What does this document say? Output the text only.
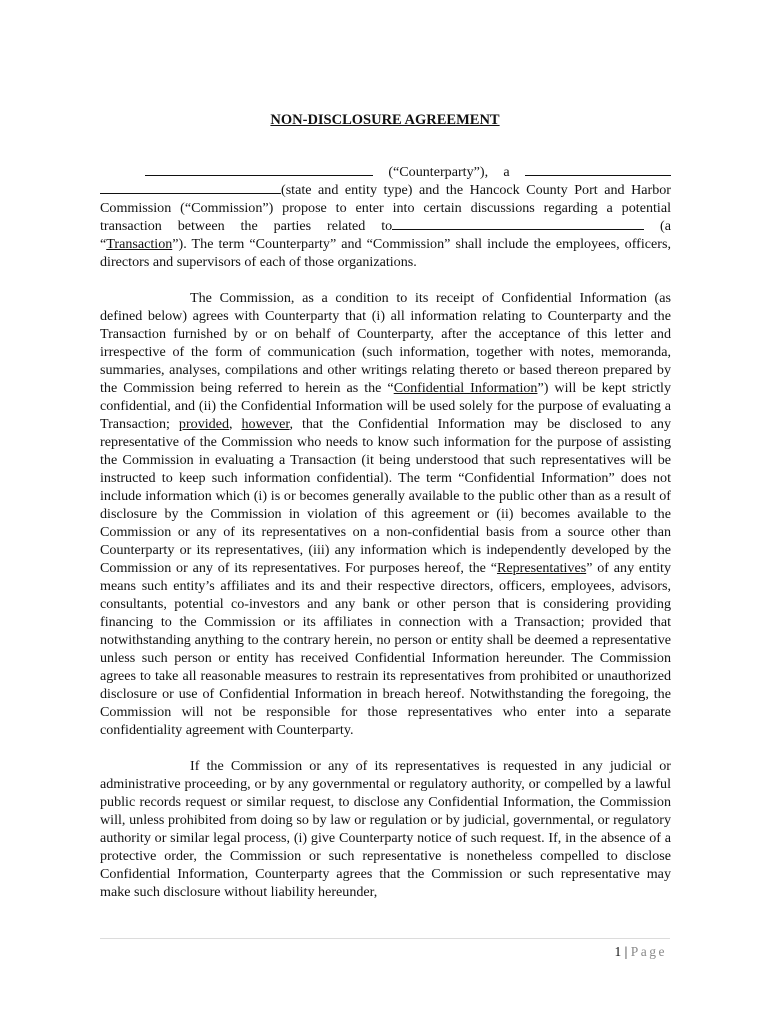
NON-DISCLOSURE AGREEMENT

(“Counterparty”), a  (state and entity type) and the Hancock County Port and Harbor Commission (“Commission”) propose to enter into certain discussions regarding a potential transaction between the parties related to	(a “Transaction”). The term “Counterparty” and “Commission” shall include the employees, officers, directors and supervisors of each of those organizations.

The Commission, as a condition to its receipt of Confidential Information (as defined below) agrees with Counterparty that (i) all information relating to Counterparty and the Transaction furnished by or on behalf of Counterparty, after the acceptance of this letter and irrespective of the form of communication (such information, together with notes, memoranda, summaries, analyses, compilations and other writings relating thereto or based thereon prepared by the Commission being referred to herein as the “Confidential Information”) will be kept strictly confidential, and (ii) the Confidential Information will be used solely for the purpose of evaluating a Transaction; provided, however, that the Confidential Information may be disclosed to any representative of the Commission who needs to know such information for the purpose of assisting the Commission in evaluating a Transaction (it being understood that such representatives will be instructed to keep such information confidential). The term “Confidential Information” does not include information which (i) is or becomes generally available to the public other than as a result of disclosure by the Commission in violation of this agreement or (ii) becomes available to the Commission or any of its representatives on a non-confidential basis from a source other than Counterparty or its representatives, (iii) any information which is independently developed by the Commission or any of its representatives. For purposes hereof, the “Representatives” of any entity means such entity’s affiliates and its and their respective directors, officers, employees, advisors, consultants, potential co-investors and any bank or other person that is considering providing financing to the Commission or its affiliates in connection with a Transaction; provided that notwithstanding anything to the contrary herein, no person or entity shall be deemed a representative unless such person or entity has received Confidential Information hereunder. The Commission agrees to take all reasonable measures to restrain its representatives from prohibited or unauthorized disclosure or use of Confidential Information in breach hereof. Notwithstanding the foregoing, the Commission will not be responsible for those representatives who enter into a separate confidentiality agreement with Counterparty.

If the Commission or any of its representatives is requested in any judicial or administrative proceeding, or by any governmental or regulatory authority, or compelled by a lawful public records request or similar request, to disclose any Confidential Information, the Commission will, unless prohibited from doing so by law or regulation or by judicial, governmental, or regulatory authority or similar legal process, (i) give Counterparty notice of such request. If, in the absence of a protective order, the Commission or such representative is nonetheless compelled to disclose Confidential Information, Counterparty agrees that the Commission or such representative may make such disclosure without liability hereunder,

1 | Page
